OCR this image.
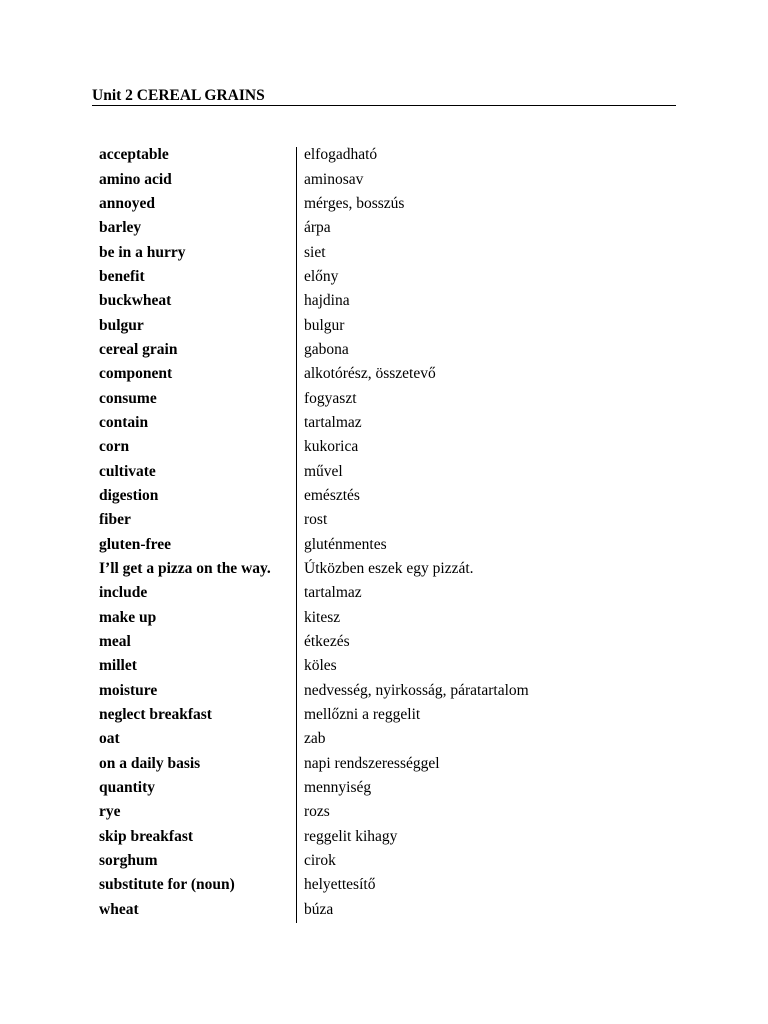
Unit 2 CEREAL GRAINS
acceptable	elfogadható
amino acid	aminosav
annoyed	mérges, bosszús
barley	árpa
be in a hurry	siet
benefit	előny
buckwheat	hajdina
bulgur	bulgur
cereal grain	gabona
component	alkotórész, összetevő
consume	fogyaszt
contain	tartalmaz
corn	kukorica
cultivate	művel
digestion	emésztés
fiber	rost
gluten-free	gluténmentes
I’ll get a pizza on the way.	Útközben eszek egy pizzát.
include	tartalmaz
make up	kitesz
meal	étkezés
millet	köles
moisture	nedvesség, nyirkosság, páratartalom
neglect breakfast	mellőzni a reggelit
oat	zab
on a daily basis	napi rendszerességgel
quantity	mennyiség
rye	rozs
skip breakfast	reggelit kihagy
sorghum	cirok
substitute for (noun)	helyettesítő
wheat	búza
